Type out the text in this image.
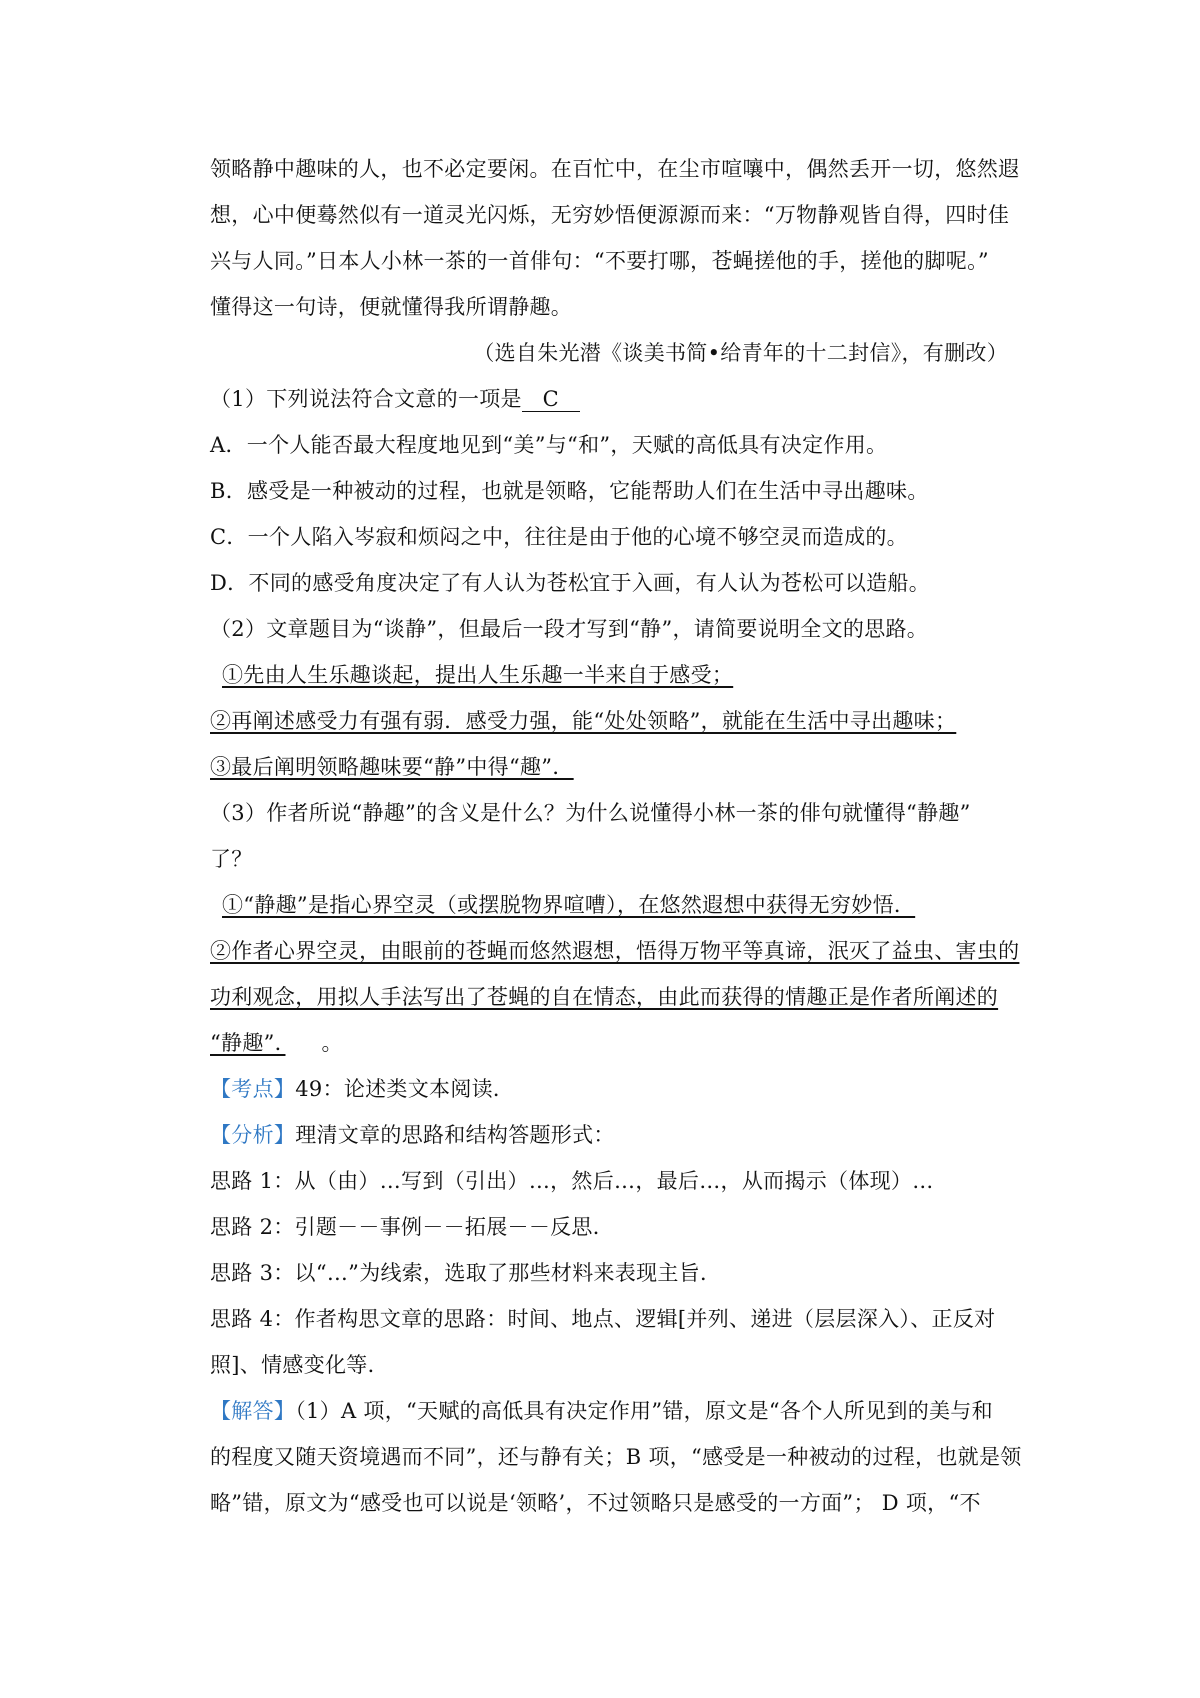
领略静中趣味的人，也不必定要闲。在百忙中，在尘市喧嚷中，偶然丢开一切，悠然遐
想，心中便蓦然似有一道灵光闪烁，无穷妙悟便源源而来：“万物静观皆自得，四时佳
兴与人同。”日本人小林一茶的一首俳句：“不要打哪，苍蝇搓他的手，搓他的脚呢。”
懂得这一句诗，便就懂得我所谓静趣。
（选自朱光潜《谈美书简•给青年的十二封信》，有删改）
（1）下列说法符合文意的一项是 C
A．一个人能否最大程度地见到“美”与“和”，天赋的高低具有决定作用。
B．感受是一种被动的过程，也就是领略，它能帮助人们在生活中寻出趣味。
C．一个人陷入岑寂和烦闷之中，往往是由于他的心境不够空灵而造成的。
D．不同的感受角度决定了有人认为苍松宜于入画，有人认为苍松可以造船。
（2）文章题目为“谈静”，但最后一段才写到“静”，请简要说明全文的思路。
①先由人生乐趣谈起，提出人生乐趣一半来自于感受；
②再阐述感受力有强有弱．感受力强，能“处处领略”，就能在生活中寻出趣味；
③最后阐明领略趣味要“静”中得“趣”．
（3）作者所说“静趣”的含义是什么？为什么说懂得小林一茶的俳句就懂得“静趣”
了？
①“静趣”是指心界空灵（或摆脱物界喧嘈），在悠然遐想中获得无穷妙悟．
②作者心界空灵，由眼前的苍蝇而悠然遐想，悟得万物平等真谛，泯灭了益虫、害虫的
功利观念，用拟人手法写出了苍蝇的自在情态，由此而获得的情趣正是作者所阐述的
“静趣”． 。
【考点】49：论述类文本阅读．
【分析】理清文章的思路和结构答题形式：
思路 1：从（由）…写到（引出）…，然后…，最后…，从而揭示（体现）…
思路 2：引题－－事例－－拓展－－反思．
思路 3：以“…”为线索，选取了那些材料来表现主旨．
思路 4：作者构思文章的思路：时间、地点、逻辑[并列、递进（层层深入）、正反对
照]、情感变化等．
【解答】（1）A 项，“天赋的高低具有决定作用”错，原文是“各个人所见到的美与和
的程度又随天资境遇而不同”，还与静有关；B 项，“感受是一种被动的过程，也就是领
略”错，原文为“感受也可以说是‘领略’，不过领略只是感受的一方面”； D 项，“不
